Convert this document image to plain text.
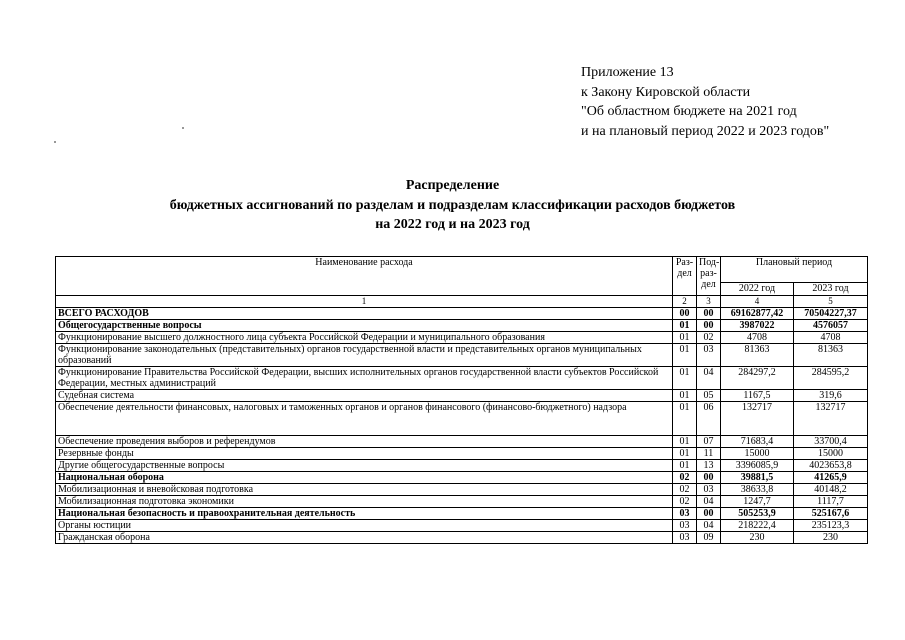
Приложение 13
к Закону Кировской области
"Об областном бюджете на 2021 год
и на плановый период 2022 и 2023 годов"
Распределение
бюджетных ассигнований по разделам и подразделам классификации расходов бюджетов
на 2022 год и на 2023 год
Наименование расхода	Раз-дел	Под-раз-дел	Плановый период	
			2022 год	2023 год
1	2	3	4	5
ВСЕГО РАСХОДОВ	00	00	69162877,42	70504227,37
Общегосударственные вопросы	01	00	3987022	4576057
Функционирование высшего должностного лица субъекта Российской Федерации и муниципального образования	01	02	4708	4708
Функционирование законодательных (представительных) органов государственной власти и представительных органов муниципальных образований	01	03	81363	81363
Функционирование Правительства Российской Федерации, высших исполнительных органов государственной власти субъектов Российской Федерации, местных администраций	01	04	284297,2	284595,2
Судебная система	01	05	1167,5	319,6
Обеспечение деятельности финансовых, налоговых и таможенных органов и органов финансового (финансово-бюджетного) надзора	01	06	132717	132717
Обеспечение проведения выборов и референдумов	01	07	71683,4	33700,4
Резервные фонды	01	11	15000	15000
Другие общегосударственные вопросы	01	13	3396085,9	4023653,8
Национальная оборона	02	00	39881,5	41265,9
Мобилизационная и вневойсковая подготовка	02	03	38633,8	40148,2
Мобилизационная подготовка экономики	02	04	1247,7	1117,7
Национальная безопасность и правоохранительная деятельность	03	00	505253,9	525167,6
Органы юстиции	03	04	218222,4	235123,3
Гражданская оборона	03	09	230	230
